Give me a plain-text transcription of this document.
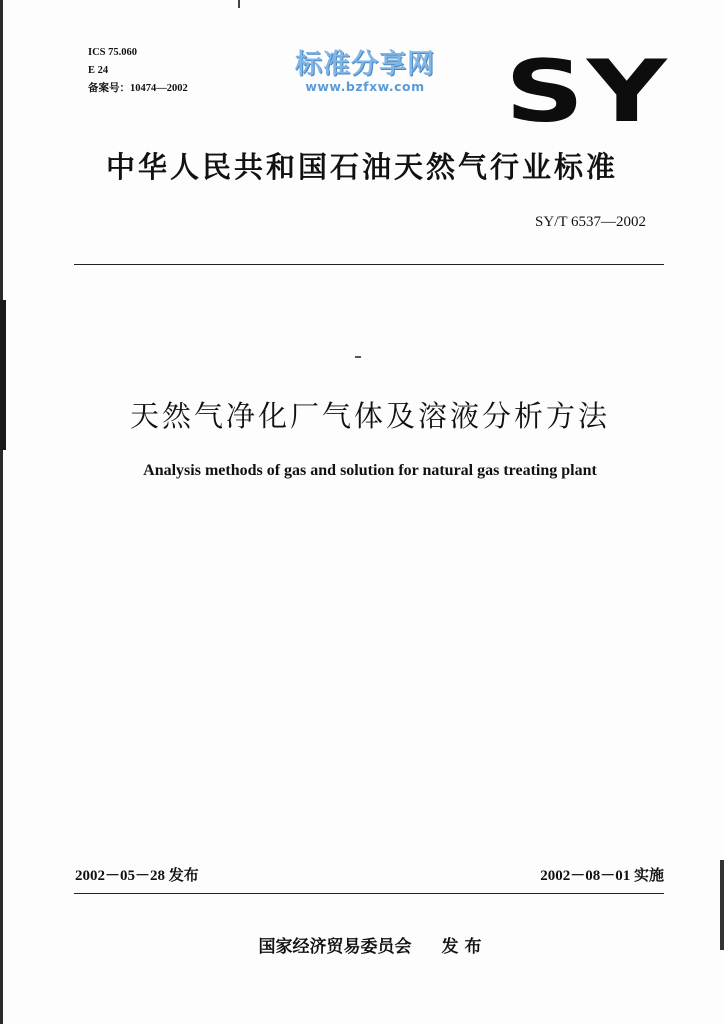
ICS 75.060
E 24
备案号：10474—2002
标准分享网
www.bzfxw.com SY
中华人民共和国石油天然气行业标准
SY/T 6537—2002
天然气净化厂气体及溶液分析方法
Analysis methods of gas and solution for natural gas treating plant
2002－05－28 发布	2002－08－01 实施
国家经济贸易委员会 发 布
